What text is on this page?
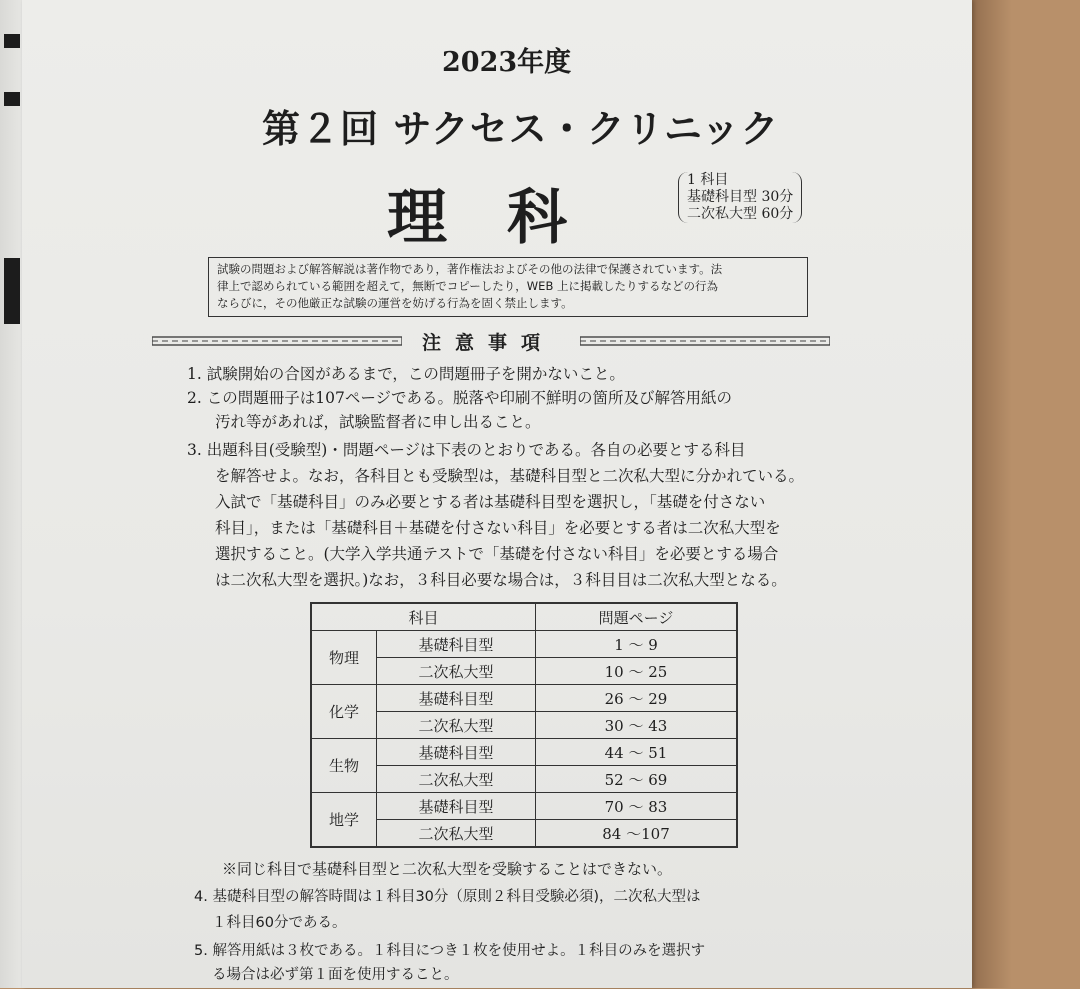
2023年度
第２回 サクセス・クリニック
理科
1 科目
基礎科目型 30分
二次私大型 60分
試験の問題および解答解説は著作物であり，著作権法およびその他の法律で保護されています。法
律上で認められている範囲を超えて，無断でコピーしたり，WEB 上に掲載したりするなどの行為
ならびに，その他厳正な試験の運営を妨げる行為を固く禁止します。
注意事項
1. 試験開始の合図があるまで，この問題冊子を開かないこと。
2. この問題冊子は107ページである。脱落や印刷不鮮明の箇所及び解答用紙の
汚れ等があれば，試験監督者に申し出ること。
3. 出題科目(受験型)・問題ページは下表のとおりである。各自の必要とする科目
を解答せよ。なお，各科目とも受験型は，基礎科目型と二次私大型に分かれている。
入試で「基礎科目」のみ必要とする者は基礎科目型を選択し，「基礎を付さない
科目」，または「基礎科目＋基礎を付さない科目」を必要とする者は二次私大型を
選択すること。(大学入学共通テストで「基礎を付さない科目」を必要とする場合
は二次私大型を選択。)なお，３科目必要な場合は，３科目目は二次私大型となる。
科目		問題ページ
物理	基礎科目型	1 〜 9
	二次私大型	10 〜 25
化学	基礎科目型	26 〜 29
	二次私大型	30 〜 43
生物	基礎科目型	44 〜 51
	二次私大型	52 〜 69
地学	基礎科目型	70 〜 83
	二次私大型	84 〜107
※同じ科目で基礎科目型と二次私大型を受験することはできない。
4. 基礎科目型の解答時間は１科目30分（原則２科目受験必須)，二次私大型は
１科目60分である。
5. 解答用紙は３枚である。１科目につき１枚を使用せよ。１科目のみを選択す
る場合は必ず第１面を使用すること。
